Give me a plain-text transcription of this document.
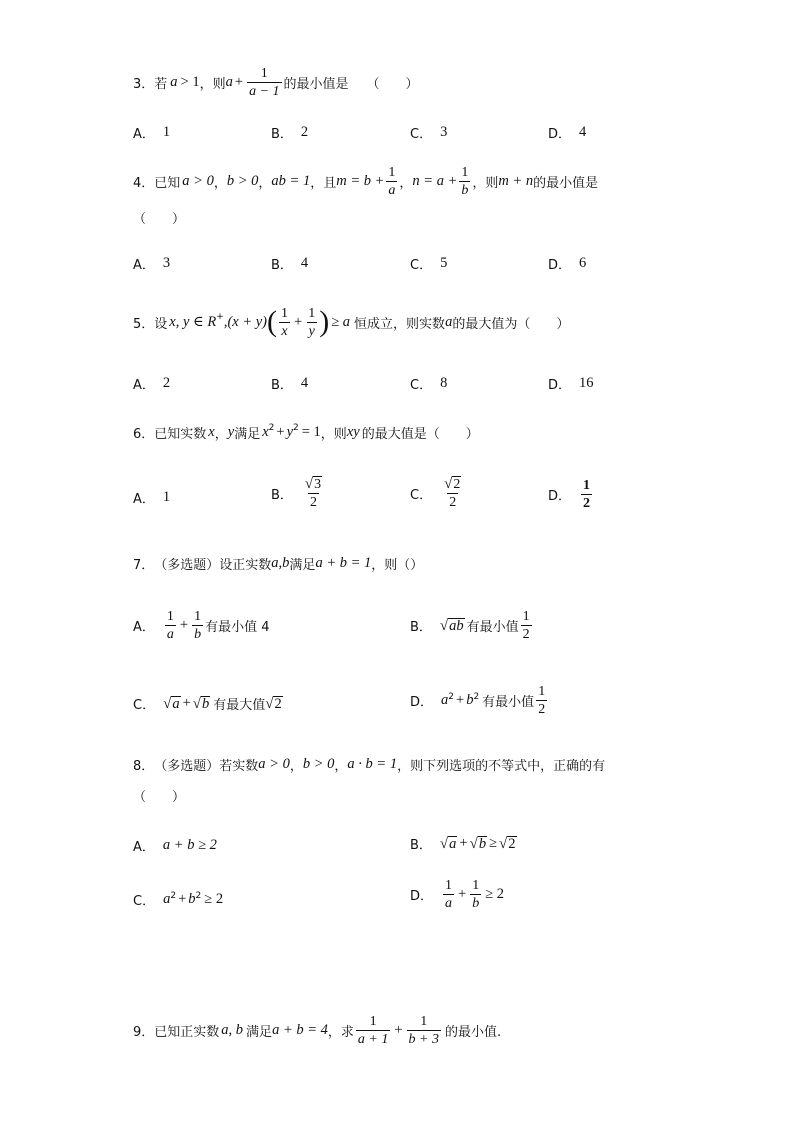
3． 若 a > 1 ，则 $a + \frac{1}{a - 1}$ 的最小值是 （　　）
A． 1	B． 2	C． 3	D． 4
4． 已知 a > 0 ， b > 0 ， ab = 1 ，且 $m = b + \frac{1}{a}$ ， $n = a + \frac{1}{b}$ ，则 m + n 的最小值是
（　　）
A． 3	B． 4	C． 5	D． 6
5． 设 x, y ∈ R + , (x + y) ( $\frac{1}{x} + \frac{1}{y}$ ) ≥ a 恒成立，则实数 a 的最大值为（　　）
A． 2	B． 4	C． 8	D． 16
6． 已知实数 x ， y 满足 x 2 + y 2 = 1 ，则 xy 的最大值是（　　）
A． 1	B． $\frac{√ 3}{2}$	C． $\frac{√ 2}{2}$	D． $\frac{1}{2}$
7． （多选题）设正实数 a,b 满足 a + b = 1 ，则（）
A． $\frac{1}{a} + \frac{1}{b}$ 有最小值 4	B． √ ab 有最小值 $\frac{1}{2}$
C． √ a + √ b 有最大值 √ 2	D． a 2 + b 2 有最小值 $\frac{1}{2}$
8． （多选题）若实数 a > 0 ， b > 0 ， a · b = 1 ，则下列选项的不等式中，正确的有
（　　）
A． a + b ≥ 2	B． √ a + √ b ≥ √ 2
C． a 2 + b 2 ≥ 2	D． $\frac{1}{a} + \frac{1}{b} \ge 2$
9． 已知正实数 a, b 满足 a + b = 4 ，求 $\frac{1}{a + 1} + \frac{1}{b + 3}$ 的最小值.
